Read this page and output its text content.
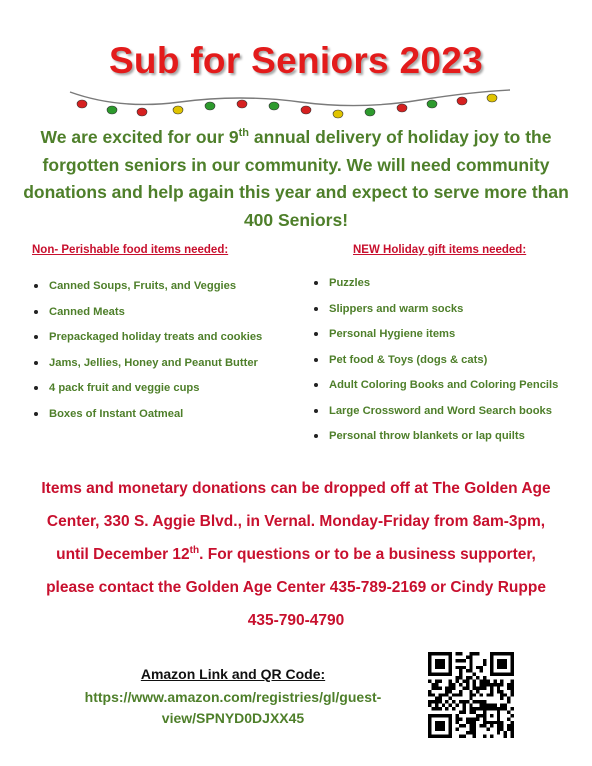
Sub for Seniors 2023
We are excited for our 9th annual delivery of holiday joy to the forgotten seniors in our community. We will need community donations and help again this year and expect to serve more than 400 Seniors!
Non- Perishable food items needed:
Canned Soups, Fruits, and Veggies
Canned Meats
Prepackaged holiday treats and cookies
Jams, Jellies, Honey and Peanut Butter
4 pack fruit and veggie cups
Boxes of Instant Oatmeal
NEW Holiday gift items needed:
Puzzles
Slippers and warm socks
Personal Hygiene items
Pet food & Toys (dogs & cats)
Adult Coloring Books and Coloring Pencils
Large Crossword and Word Search books
Personal throw blankets or lap quilts
Items and monetary donations can be dropped off at The Golden Age Center, 330 S. Aggie Blvd., in Vernal. Monday-Friday from 8am-3pm, until December 12th. For questions or to be a business supporter, please contact the Golden Age Center 435-789-2169 or Cindy Ruppe 435-790-4790
Amazon Link and QR Code:
https://www.amazon.com/registries/gl/guest-view/SPNYD0DJXX45
